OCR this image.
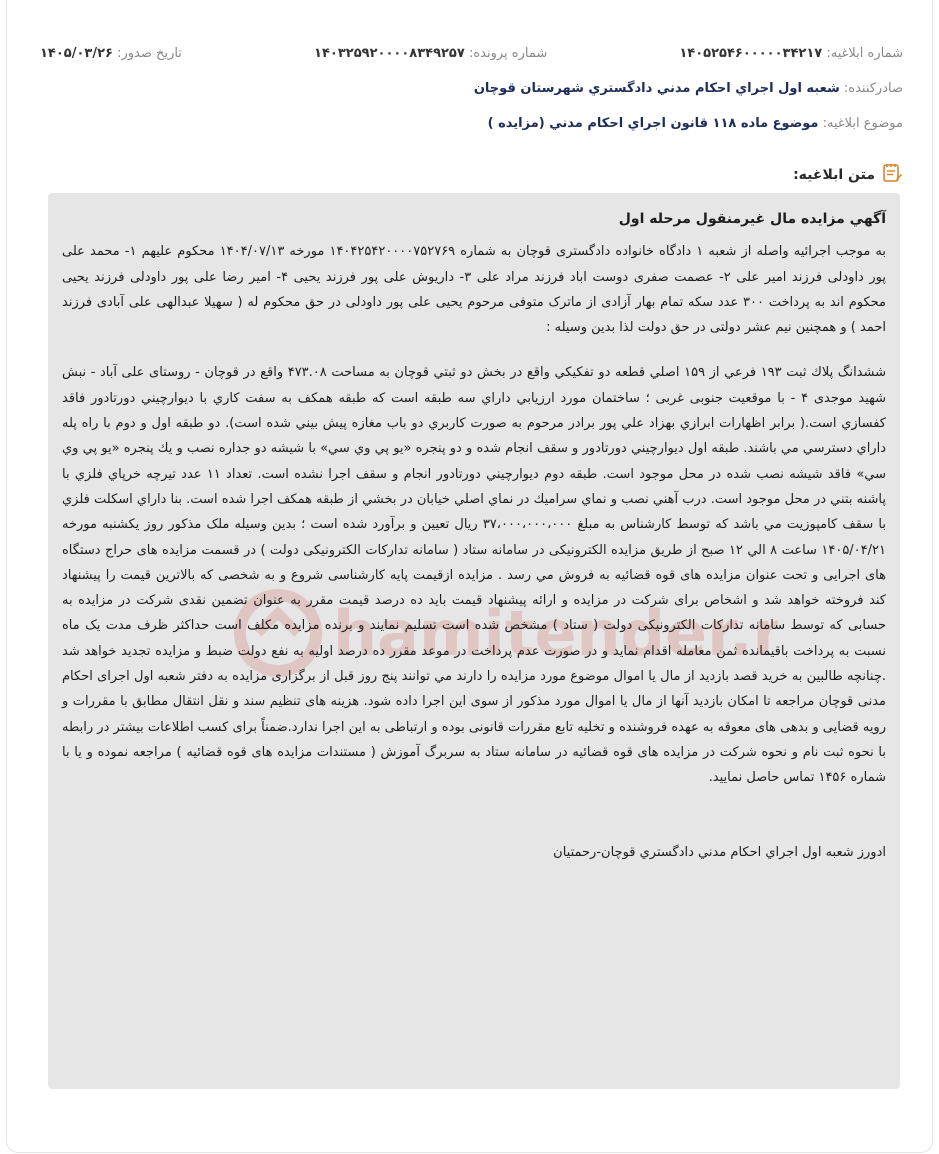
شماره ابلاغیه: ۱۴۰۵۲۵۴۶۰۰۰۰۰۳۴۲۱۷
شماره پرونده: ۱۴۰۳۲۵۹۲۰۰۰۰۸۳۴۹۲۵۷
تاریخ صدور: ۱۴۰۵/۰۳/۲۶
صادرکننده: شعبه اول اجراي احكام مدني دادگستري شهرستان قوچان
موضوع ابلاغیه: موضوع ماده ۱۱۸ قانون اجراي احكام مدني (مزايده )
متن ابلاغیه:
hamitender.n

آگهي مزايده مال غيرمنقول مرحله اول

به موجب اجرائیه واصله از شعبه ۱ دادگاه خانواده دادگستری قوچان به شماره ۱۴۰۴۲۵۴۲۰۰۰۰۷۵۲۷۶۹ مورخه ۱۴۰۴/۰۷/۱۳ محکوم علیهم ۱- محمد علی پور داودلی فرزند امیر علی ۲- عصمت صفری دوست اباد فرزند مراد علی ۳- داریوش علی پور فرزند یحیی ۴- امیر رضا علی پور داودلی فرزند یحیی محکوم اند به پرداخت ۳۰۰ عدد سکه تمام بهار آزادی از ماترک متوفی مرحوم یحیی علی پور داودلی در حق محکوم له ( سهیلا عبدالهی علی آبادی فرزند احمد ) و همچنین نیم عشر دولتی در حق دولت لذا بدین وسیله :

ششدانگ پلاك ثبت ۱۹۳ فرعي از ۱۵۹ اصلي قطعه دو تفكيكي واقع در بخش دو ثبتي قوچان به مساحت ۴۷۳.۰۸ واقع در قوچان - روستای علی آباد - نبش شهید موجدی ۴ - با موقعیت جنوبی غربی ؛ ساختمان مورد ارزيابي داراي سه طبقه است كه طبقه همكف به سفت كاري با ديوارچيني دورتادور فاقد كفسازي است.( برابر اظهارات ابرازي بهزاد علي پور برادر مرحوم به صورت كاربري دو باب مغازه پيش بيني شده است). دو طبقه اول و دوم با راه پله داراي دسترسي مي باشند. طبقه اول ديوارچيني دورتادور و سقف انجام شده و دو پنجره «يو پي وي سي» با شيشه دو جداره نصب و يك پنجره «يو پي وي سي» فاقد شيشه نصب شده در محل موجود است. طبقه دوم ديوارچيني دورتادور انجام و سقف اجرا نشده است. تعداد ۱۱ عدد تيرچه خرپاي فلزي با پاشنه بتني در محل موجود است. درب آهني نصب و نماي سراميك در نماي اصلي خيابان در بخشي از طبقه همكف اجرا شده است. بنا داراي اسكلت فلزي با سقف كامپوزيت مي باشد كه توسط كارشناس به مبلغ ۳۷،۰۰۰،۰۰۰،۰۰۰ ريال تعيين و برآورد شده است ؛ بدين وسيله ملک مذکور روز يکشنبه مورخه ۱۴۰۵/۰۴/۲۱ ساعت ۸ الي ۱۲ صبح از طريق مزايده الکترونيکی در سامانه ستاد ( سامانه تدارکات الکترونيکی دولت ) در قسمت مزايده های حراج دستگاه های اجرايی و تحت عنوان مزايده های قوه قضائيه به فروش مي رسد . مزايده ازقيمت پايه کارشناسی شروع و به شخصی که بالاترين قيمت را پيشنهاد کند فروخته خواهد شد و اشخاص برای شرکت در مزايده و ارائه پيشنهاد قيمت بايد ده درصد قيمت مقرر به عنوان تضمين نقدی شرکت در مزايده به حسابی که توسط سامانه تدارکات الکترونيکی دولت ( ستاد ) مشخص شده است تسليم نمايند و برنده مزايده مکلف است حداکثر ظرف مدت يک ماه نسبت به پرداخت باقيمانده ثمن معامله اقدام نمايد و در صورت عدم پرداخت در موعد مقرر ده درصد اوليه به نفع دولت ضبط و مزايده تجديد خواهد شد .چنانچه طالبين به خريد قصد بازديد از مال يا اموال موضوع مورد مزايده را دارند مي توانند پنج روز قبل از برگزاری مزايده به دفتر شعبه اول اجرای احکام مدنی قوچان مراجعه تا امکان بازديد آنها از مال يا اموال مورد مذکور از سوی اين اجرا داده شود. هزينه های تنظيم سند و نقل انتقال مطابق با مقررات و رويه قضايی و بدهی های معوقه به عهده فروشنده و تخليه تابع مقررات قانونی بوده و ارتباطی به اين اجرا ندارد.ضمناً برای کسب اطلاعات بيشتر در رابطه با نحوه ثبت نام و نحوه شرکت در مزايده های قوه قضائيه در سامانه ستاد به سربرگ آموزش ( مستندات مزايده های قوه قضائيه ) مراجعه نموده و يا با شماره ۱۴۵۶ تماس حاصل نماييد.

ادورز شعبه اول اجراي احكام مدني دادگستري قوچان-رحمتيان
